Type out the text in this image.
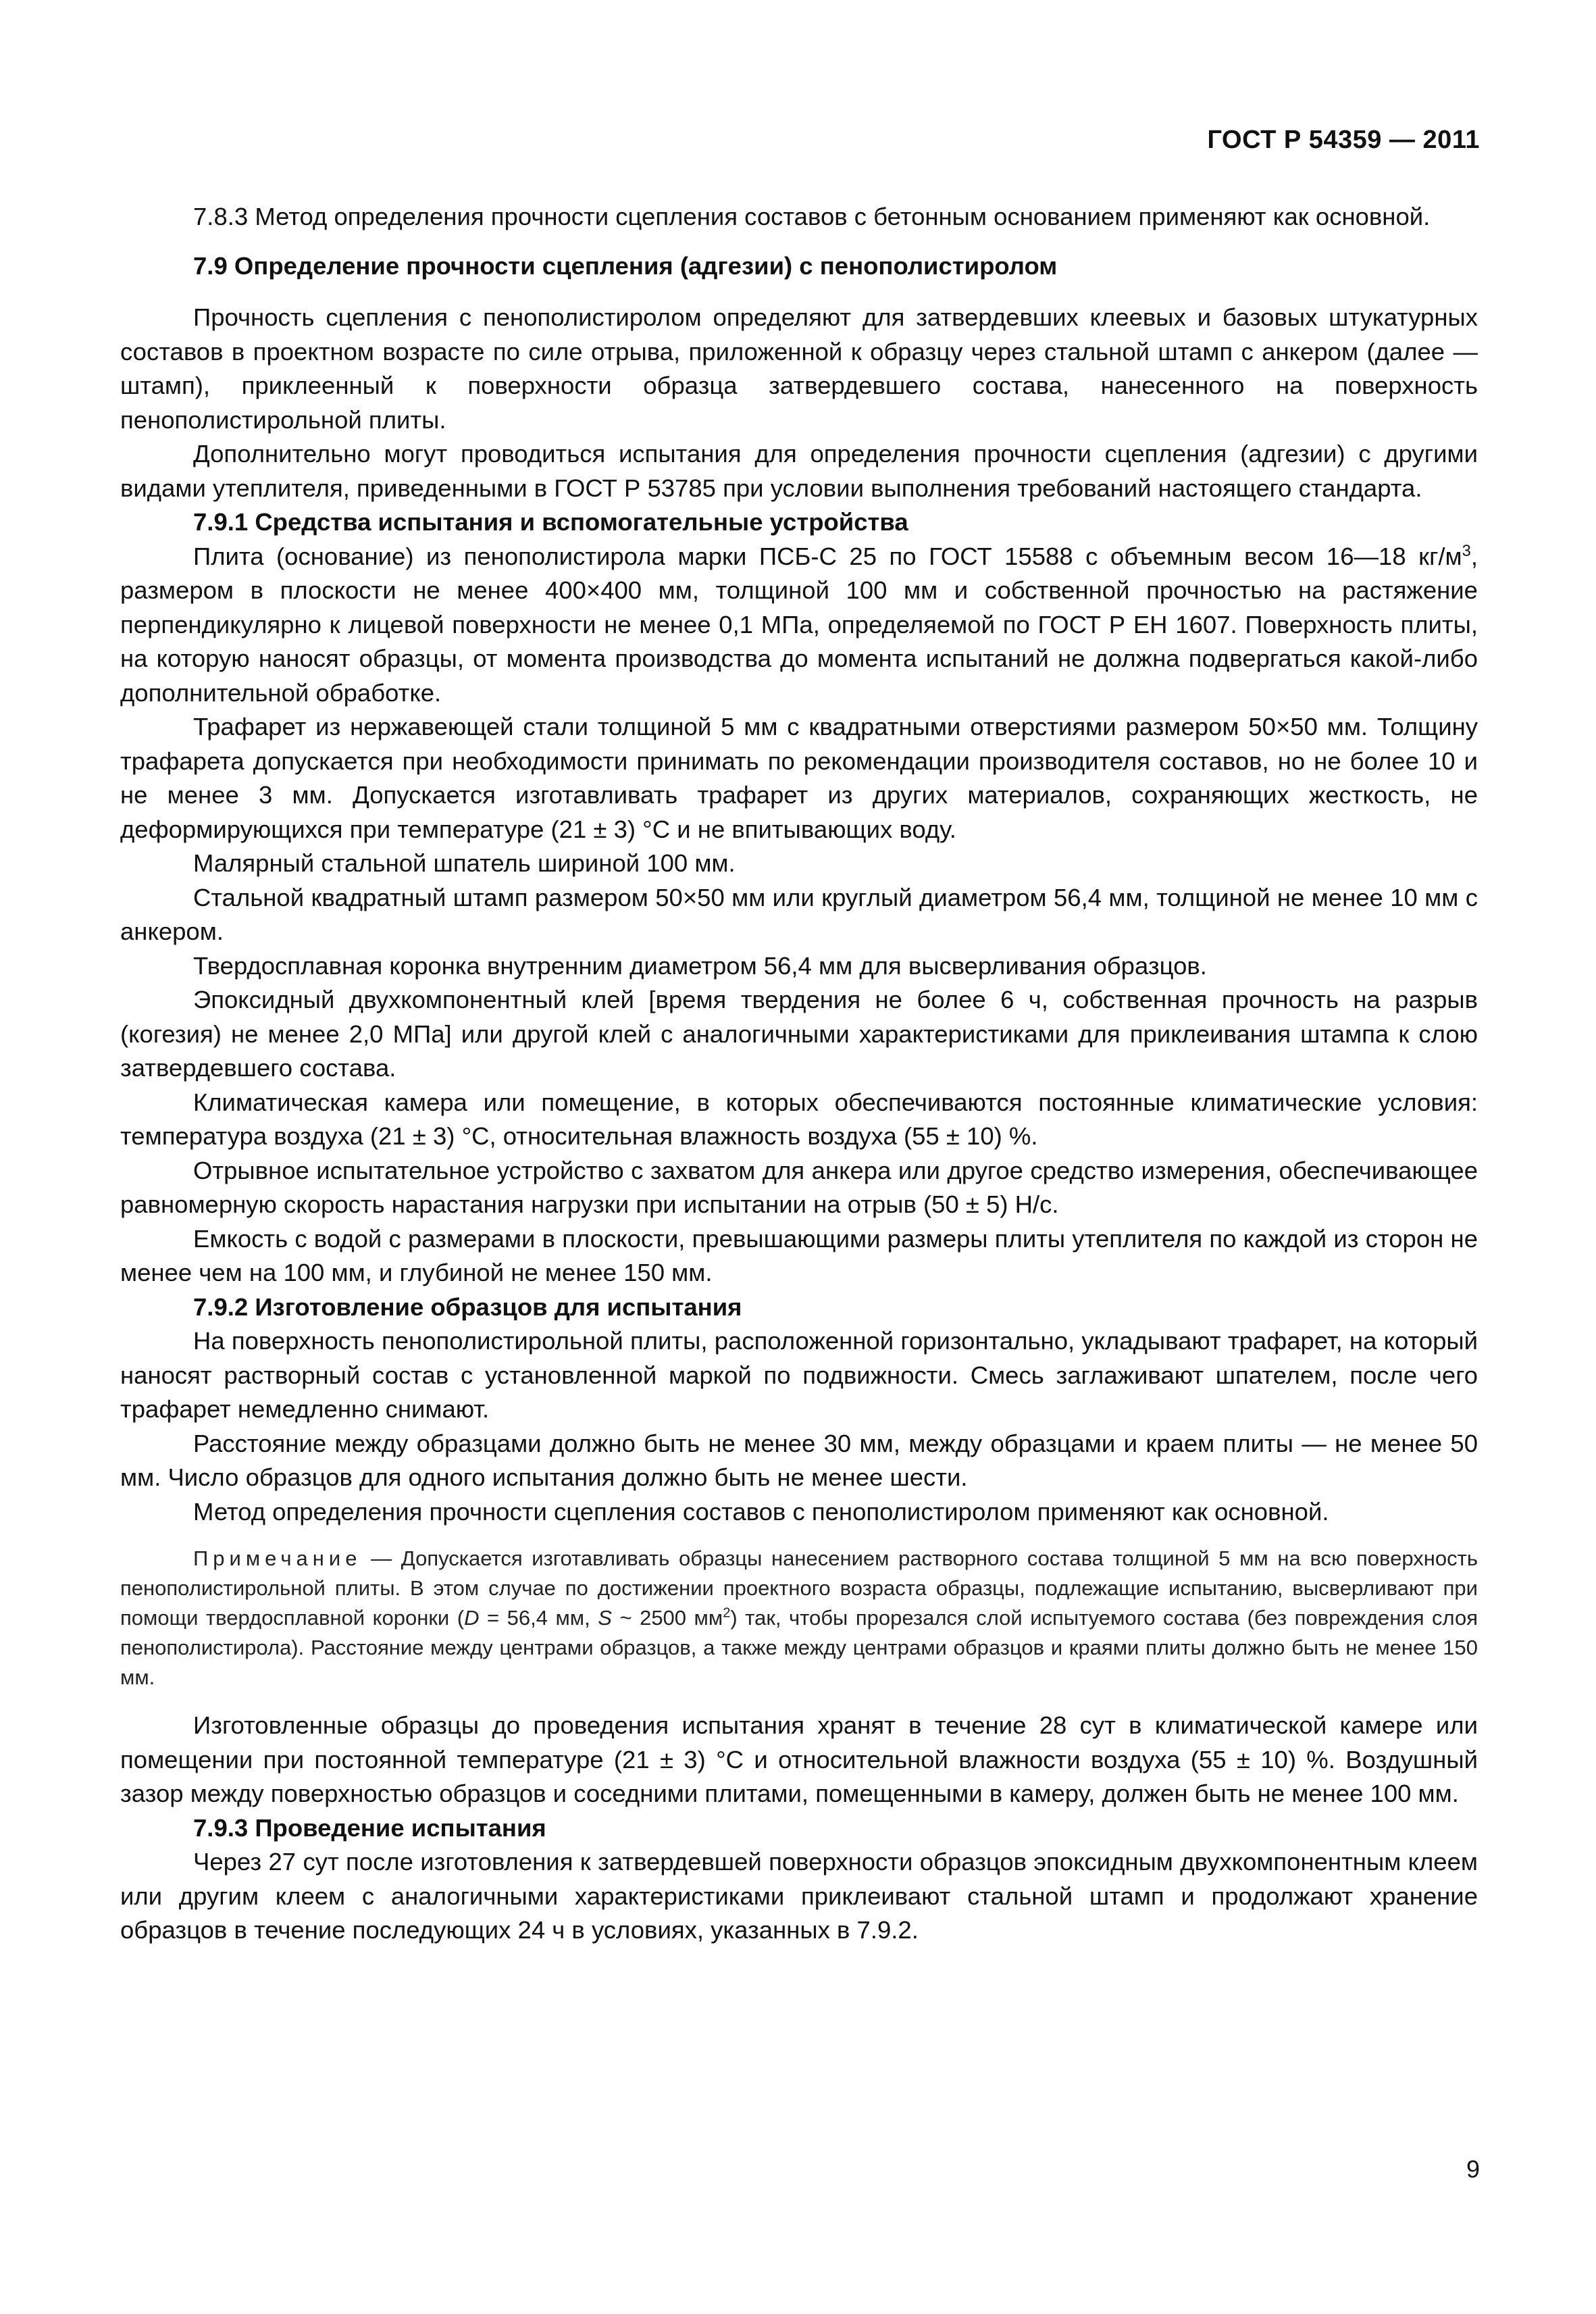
ГОСТ Р 54359 — 2011

7.8.3 Метод определения прочности сцепления составов с бетонным основанием применяют как основной.

7.9 Определение прочности сцепления (адгезии) с пенополистиролом

Прочность сцепления с пенополистиролом определяют для затвердевших клеевых и базовых штукатурных составов в проектном возрасте по силе отрыва, приложенной к образцу через стальной штамп с анкером (далее — штамп), приклеенный к поверхности образца затвердевшего состава, нанесенного на поверхность пенополистирольной плиты.

Дополнительно могут проводиться испытания для определения прочности сцепления (адгезии) с другими видами утеплителя, приведенными в ГОСТ Р 53785 при условии выполнения требований настоящего стандарта.

7.9.1 Средства испытания и вспомогательные устройства

Плита (основание) из пенополистирола марки ПСБ-С 25 по ГОСТ 15588 с объемным весом 16—18 $кг/м^3$, размером в плоскости не менее 400×400 мм, толщиной 100 мм и собственной прочностью на растяжение перпендикулярно к лицевой поверхности не менее 0,1 МПа, определяемой по ГОСТ Р ЕН 1607. Поверхность плиты, на которую наносят образцы, от момента производства до момента испытаний не должна подвергаться какой-либо дополнительной обработке.

Трафарет из нержавеющей стали толщиной 5 мм с квадратными отверстиями размером 50×50 мм. Толщину трафарета допускается при необходимости принимать по рекомендации производителя составов, но не более 10 и не менее 3 мм. Допускается изготавливать трафарет из других материалов, сохраняющих жесткость, не деформирующихся при температуре (21 ± 3) °С и не впитывающих воду.

Малярный стальной шпатель шириной 100 мм.

Стальной квадратный штамп размером 50×50 мм или круглый диаметром 56,4 мм, толщиной не менее 10 мм с анкером.

Твердосплавная коронка внутренним диаметром 56,4 мм для высверливания образцов.

Эпоксидный двухкомпонентный клей [время твердения не более 6 ч, собственная прочность на разрыв (когезия) не менее 2,0 МПа] или другой клей с аналогичными характеристиками для приклеивания штампа к слою затвердевшего состава.

Климатическая камера или помещение, в которых обеспечиваются постоянные климатические условия: температура воздуха (21 ± 3) °С, относительная влажность воздуха (55 ± 10) %.

Отрывное испытательное устройство с захватом для анкера или другое средство измерения, обеспечивающее равномерную скорость нарастания нагрузки при испытании на отрыв (50 ± 5) Н/с.

Емкость с водой с размерами в плоскости, превышающими размеры плиты утеплителя по каждой из сторон не менее чем на 100 мм, и глубиной не менее 150 мм.

7.9.2 Изготовление образцов для испытания

На поверхность пенополистирольной плиты, расположенной горизонтально, укладывают трафарет, на который наносят растворный состав с установленной маркой по подвижности. Смесь заглаживают шпателем, после чего трафарет немедленно снимают.

Расстояние между образцами должно быть не менее 30 мм, между образцами и краем плиты — не менее 50 мм. Число образцов для одного испытания должно быть не менее шести.

Метод определения прочности сцепления составов с пенополистиролом применяют как основной.

Примечание — Допускается изготавливать образцы нанесением растворного состава толщиной 5 мм на всю поверхность пенополистирольной плиты. В этом случае по достижении проектного возраста образцы, подлежащие испытанию, высверливают при помощи твердосплавной коронки (D = 56,4 мм, S ~ 2500 $мм^2$) так, чтобы прорезался слой испытуемого состава (без повреждения слоя пенополистирола). Расстояние между центрами образцов, а также между центрами образцов и краями плиты должно быть не менее 150 мм.

Изготовленные образцы до проведения испытания хранят в течение 28 сут в климатической камере или помещении при постоянной температуре (21 ± 3) °С и относительной влажности воздуха (55 ± 10) %. Воздушный зазор между поверхностью образцов и соседними плитами, помещенными в камеру, должен быть не менее 100 мм.

7.9.3 Проведение испытания

Через 27 сут после изготовления к затвердевшей поверхности образцов эпоксидным двухкомпонентным клеем или другим клеем с аналогичными характеристиками приклеивают стальной штамп и продолжают хранение образцов в течение последующих 24 ч в условиях, указанных в 7.9.2.

9
